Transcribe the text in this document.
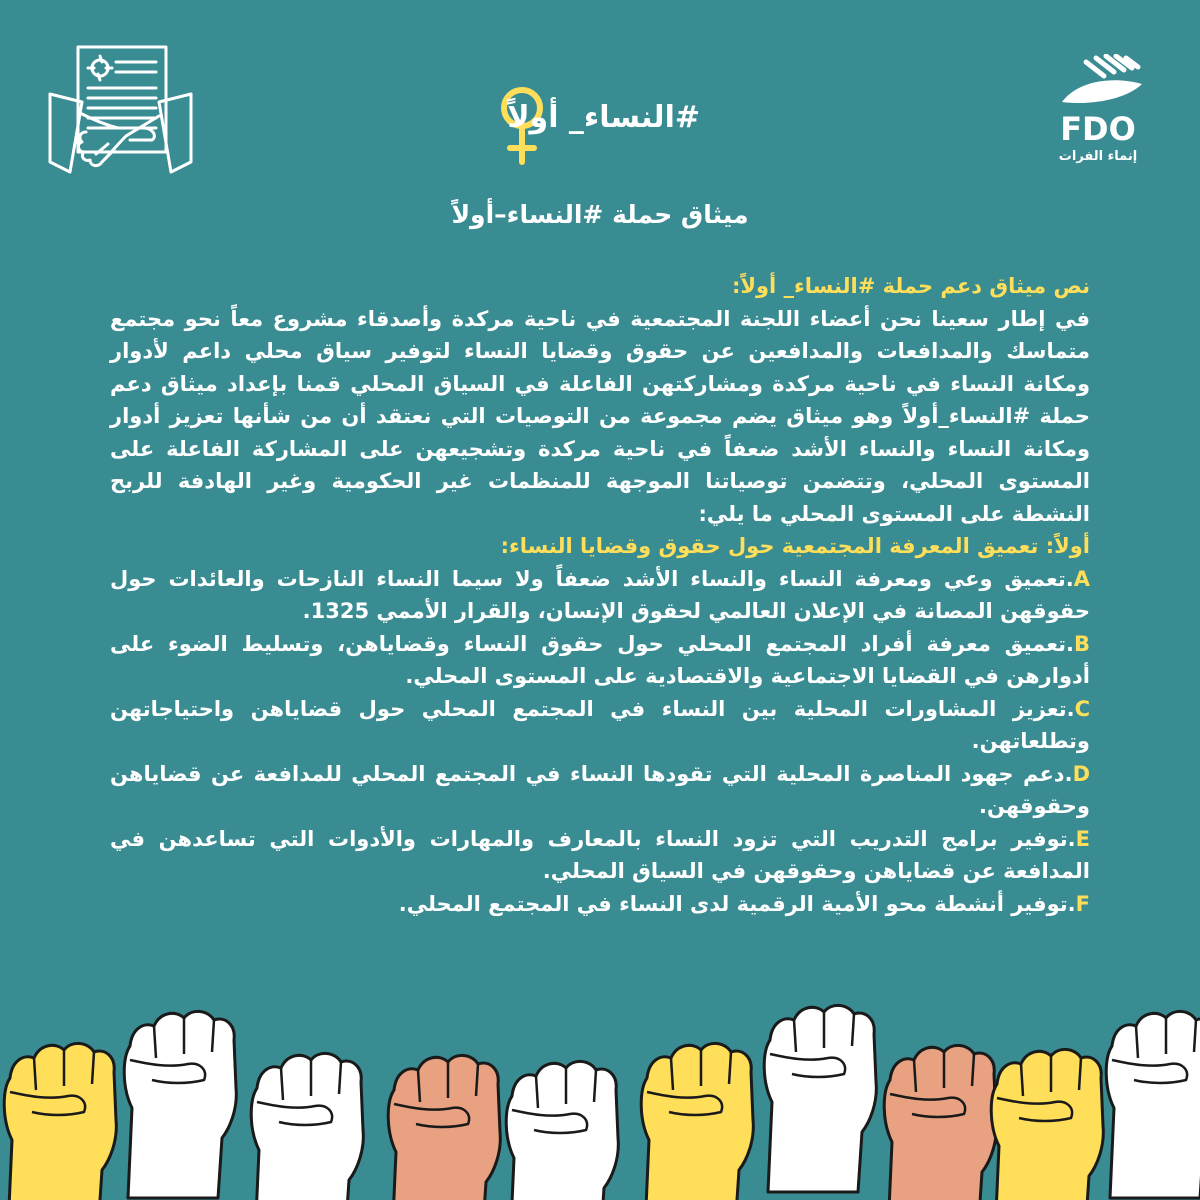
#النساء_ أولاً	FDO
إنماء الفرات
ميثاق حملة #النساء–أولاً

نص ميثاق دعم حملة #النساء_ أولاً:

في إطار سعينا نحن أعضاء اللجنة المجتمعية في ناحية مركدة وأصدقاء مشروع معاً نحو مجتمع متماسك والمدافعات والمدافعين عن حقوق وقضايا النساء لتوفير سياق محلي داعم لأدوار ومكانة النساء في ناحية مركدة ومشاركتهن الفاعلة في السياق المحلي قمنا بإعداد ميثاق دعم حملة #النساء_أولاً وهو ميثاق يضم مجموعة من التوصيات التي نعتقد أن من شأنها تعزيز أدوار ومكانة النساء والنساء الأشد ضعفاً في ناحية مركدة وتشجيعهن على المشاركة الفاعلة على المستوى المحلي، وتتضمن توصياتنا الموجهة للمنظمات غير الحكومية وغير الهادفة للربح النشطة على المستوى المحلي ما يلي:

أولاً: تعميق المعرفة المجتمعية حول حقوق وقضايا النساء:

A.تعميق وعي ومعرفة النساء والنساء الأشد ضعفاً ولا سيما النساء النازحات والعائدات حول حقوقهن المصانة في الإعلان العالمي لحقوق الإنسان، والقرار الأممي 1325.

B.تعميق معرفة أفراد المجتمع المحلي حول حقوق النساء وقضاياهن، وتسليط الضوء على أدوارهن في القضايا الاجتماعية والاقتصادية على المستوى المحلي.

C.تعزيز المشاورات المحلية بين النساء في المجتمع المحلي حول قضاياهن واحتياجاتهن وتطلعاتهن.

D.دعم جهود المناصرة المحلية التي تقودها النساء في المجتمع المحلي للمدافعة عن قضاياهن وحقوقهن.

E.توفير برامج التدريب التي تزود النساء بالمعارف والمهارات والأدوات التي تساعدهن في المدافعة عن قضاياهن وحقوقهن في السياق المحلي.

F.توفير أنشطة محو الأمية الرقمية لدى النساء في المجتمع المحلي.
